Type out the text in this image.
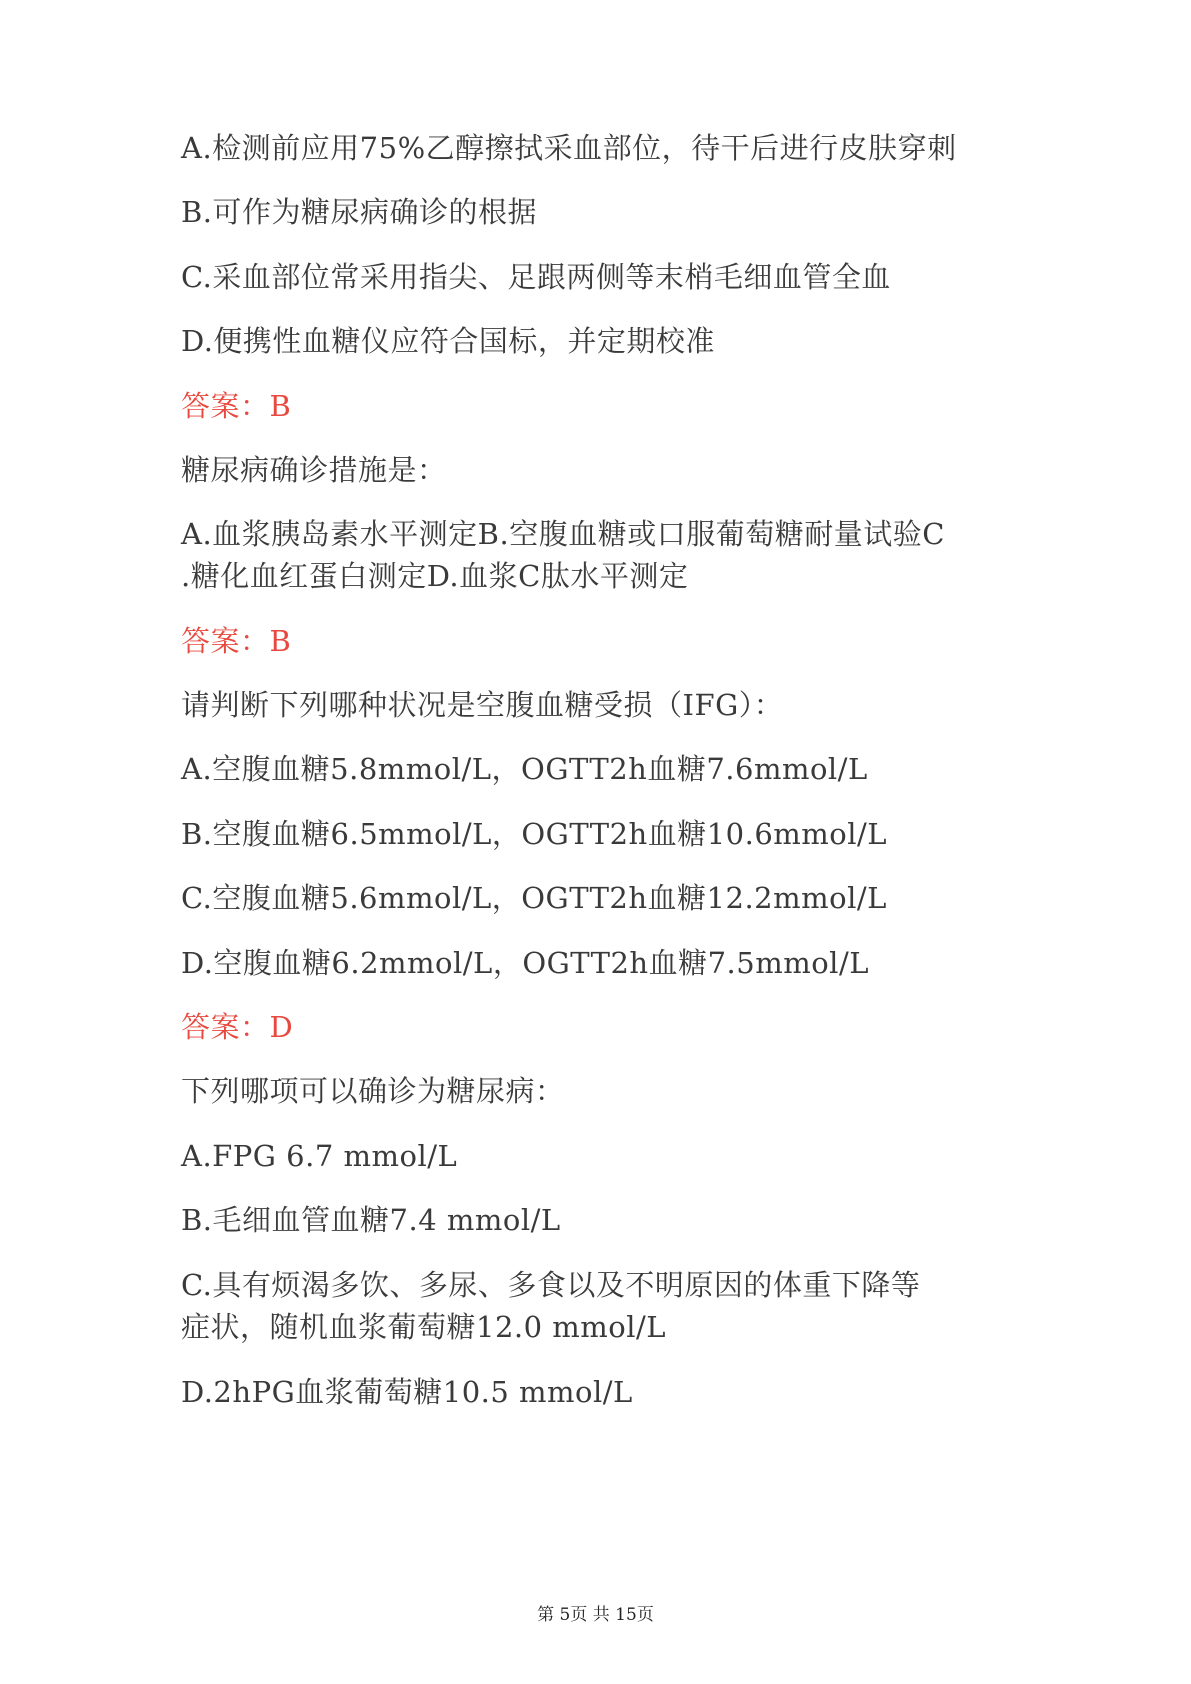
A.检测前应用75%乙醇擦拭采血部位，待干后进行皮肤穿刺
B.可作为糖尿病确诊的根据
C.采血部位常采用指尖、足跟两侧等末梢毛细血管全血
D.便携性血糖仪应符合国标，并定期校准
答案：B
糖尿病确诊措施是：
A.血浆胰岛素水平测定B.空腹血糖或口服葡萄糖耐量试验C
.糖化血红蛋白测定D.血浆C肽水平测定
答案：B
请判断下列哪种状况是空腹血糖受损（IFG）：
A.空腹血糖5.8mmol/L，OGTT2h血糖7.6mmol/L
B.空腹血糖6.5mmol/L，OGTT2h血糖10.6mmol/L
C.空腹血糖5.6mmol/L，OGTT2h血糖12.2mmol/L
D.空腹血糖6.2mmol/L，OGTT2h血糖7.5mmol/L
答案：D
下列哪项可以确诊为糖尿病：
A.FPG 6.7 mmol/L
B.毛细血管血糖7.4 mmol/L
C.具有烦渴多饮、多尿、多食以及不明原因的体重下降等
症状，随机血浆葡萄糖12.0 mmol/L
D.2hPG血浆葡萄糖10.5 mmol/L
第 5页 共 15页
